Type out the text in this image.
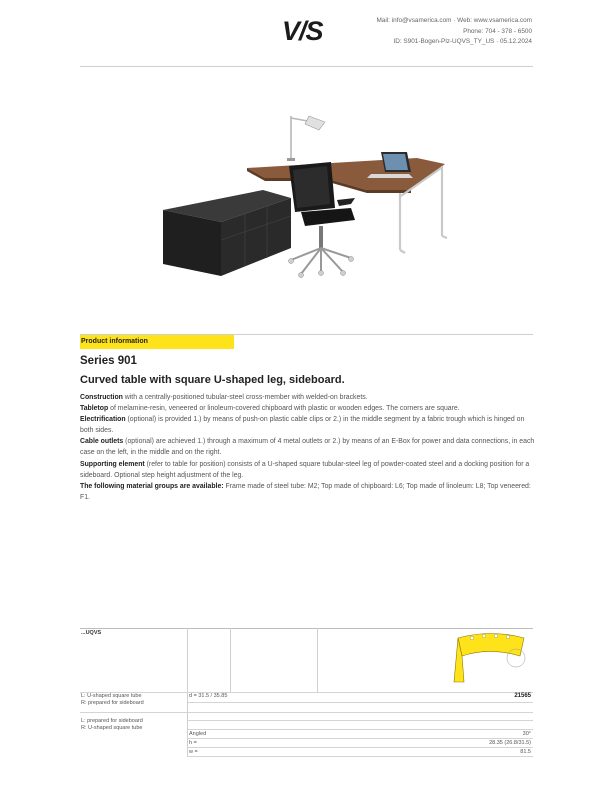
V/S	Mail: info@vsamerica.com · Web: www.vsamerica.com
Phone: 704 - 378 - 6500
ID: S901-Bogen-Plz-UQVS_TY_US · 05.12.2024
Product information
Series 901
Curved table with square U-shaped leg, sideboard.

Construction with a centrally-positioned tubular-steel cross-member with welded-on brackets.

Tabletop of melamine-resin, veneered or linoleum-covered chipboard with plastic or wooden edges. The corners are square.

Electrification (optional) is provided 1.) by means of push-on plastic cable clips or 2.) in the middle segment by a fabric trough which is hinged on both sides.

Cable outlets (optional) are achieved 1.) through a maximum of 4 metal outlets or 2.) by means of an E-Box for power and data connections, in each case on the left, in the middle and on the right.

Supporting element (refer to table for position) consists of a U-shaped square tubular-steel leg of powder-coated steel and a docking position for a sideboard. Optional step height adjustment of the leg.

The following material groups are available: Frame made of steel tube: M2; Top made of chipboard: L6; Top made of linoleum: L8; Top veneered: F1.

...UQVS
L: U-shaped square tube
R: prepared for sideboard
L: prepared for sideboard
R: U-shaped square tube
d = 31.5 / 35.85	21565
Angled	30°
h =	28.35 (26.8/31.5)
w =	81.5
